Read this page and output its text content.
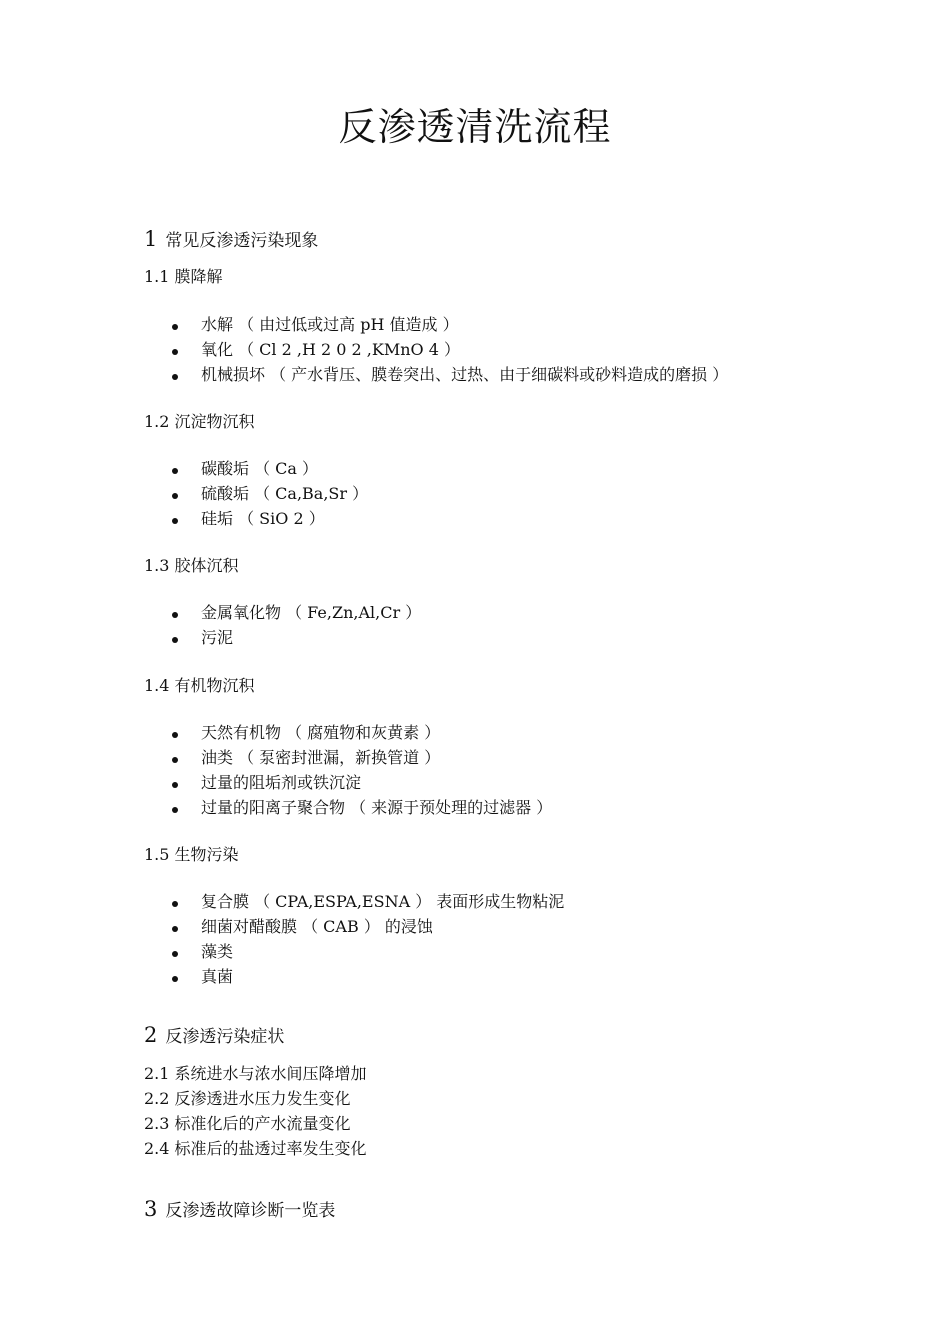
反渗透清洗流程
1 常见反渗透污染现象
1.1 膜降解
水解 （ 由过低或过高 pH 值造成 ）
氧化 （ Cl 2 ,H 2 0 2 ,KMnO 4 ）
机械损坏 （ 产水背压、膜卷突出、过热、由于细碳料或砂料造成的磨损 ）
1.2 沉淀物沉积
碳酸垢 （ Ca ）
硫酸垢 （ Ca,Ba,Sr ）
硅垢 （ SiO 2 ）
1.3 胶体沉积
金属氧化物 （ Fe,Zn,Al,Cr ）
污泥
1.4 有机物沉积
天然有机物 （ 腐殖物和灰黄素 ）
油类 （ 泵密封泄漏，新换管道 ）
过量的阻垢剂或铁沉淀
过量的阳离子聚合物 （ 来源于预处理的过滤器 ）
1.5 生物污染
复合膜 （ CPA,ESPA,ESNA ） 表面形成生物粘泥
细菌对醋酸膜 （ CAB ） 的浸蚀
藻类
真菌
2 反渗透污染症状
2.1 系统进水与浓水间压降增加
2.2 反渗透进水压力发生变化
2.3 标准化后的产水流量变化
2.4 标准后的盐透过率发生变化
3 反渗透故障诊断一览表
